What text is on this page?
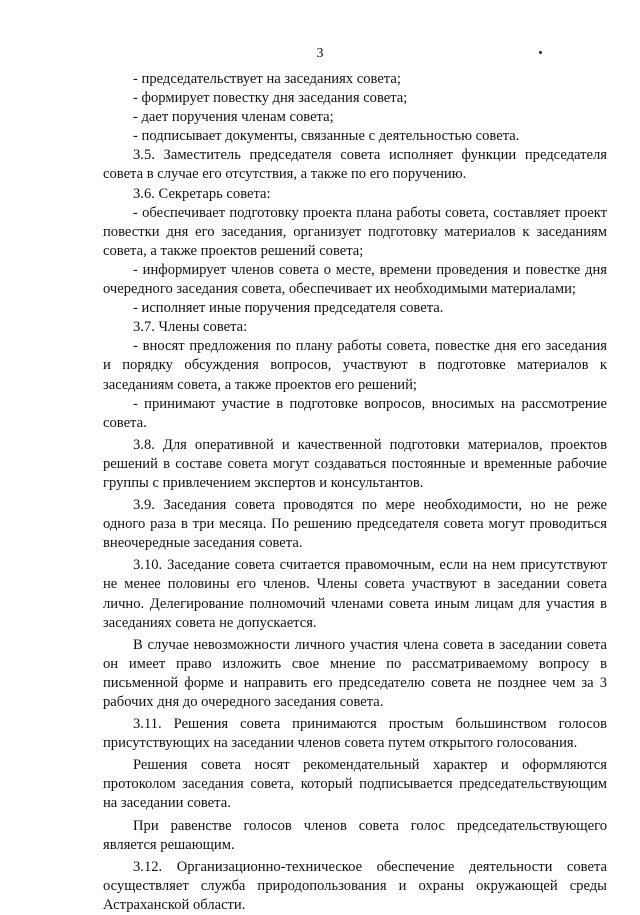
3

- председательствует на заседаниях совета;

- формирует повестку дня заседания совета;

- дает поручения членам совета;

- подписывает документы, связанные с деятельностью совета.

3.5. Заместитель председателя совета исполняет функции председателя совета в случае его отсутствия, а также по его поручению.

3.6. Секретарь совета:

- обеспечивает подготовку проекта плана работы совета, составляет проект повестки дня его заседания, организует подготовку материалов к заседаниям совета, а также проектов решений совета;

- информирует членов совета о месте, времени проведения и повестке дня очередного заседания совета, обеспечивает их необходимыми материалами;

- исполняет иные поручения председателя совета.

3.7. Члены совета:

- вносят предложения по плану работы совета, повестке дня его заседания и порядку обсуждения вопросов, участвуют в подготовке материалов к заседаниям совета, а также проектов его решений;

- принимают участие в подготовке вопросов, вносимых на рассмотрение совета.

3.8. Для оперативной и качественной подготовки материалов, проектов решений в составе совета могут создаваться постоянные и временные рабочие группы с привлечением экспертов и консультантов.

3.9. Заседания совета проводятся по мере необходимости, но не реже одного раза в три месяца. По решению председателя совета могут проводиться внеочередные заседания совета.

3.10. Заседание совета считается правомочным, если на нем присутствуют не менее половины его членов. Члены совета участвуют в заседании совета лично. Делегирование полномочий членами совета иным лицам для участия в заседаниях совета не допускается.

В случае невозможности личного участия члена совета в заседании совета он имеет право изложить свое мнение по рассматриваемому вопросу в письменной форме и направить его председателю совета не позднее чем за 3 рабочих дня до очередного заседания совета.

3.11. Решения совета принимаются простым большинством голосов присутствующих на заседании членов совета путем открытого голосования.

Решения совета носят рекомендательный характер и оформляются протоколом заседания совета, который подписывается председательствующим на заседании совета.

При равенстве голосов членов совета голос председательствующего является решающим.

3.12. Организационно-техническое обеспечение деятельности совета осуществляет служба природопользования и охраны окружающей среды Астраханской области.
